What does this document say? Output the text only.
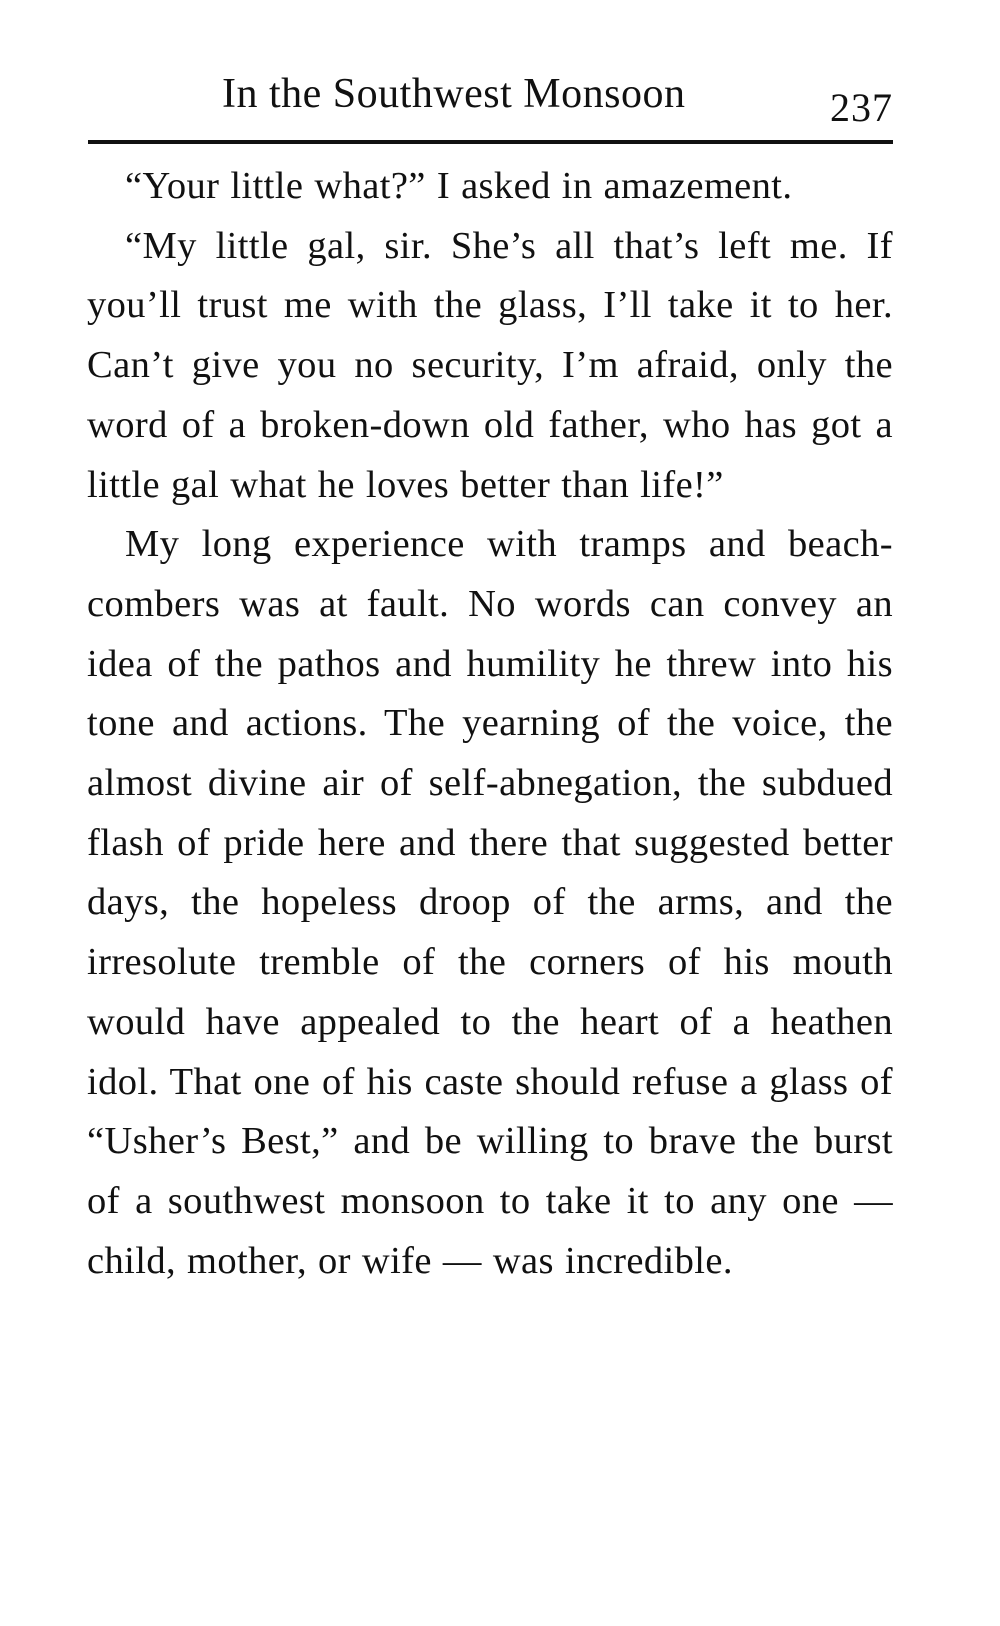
In the Southwest Monsoon	237

“Your little what?” I asked in amazement.

“My little gal, sir. She’s all that’s left me. If you’ll trust me with the glass, I’ll take it to her. Can’t give you no security, I’m afraid, only the word of a broken-down old father, who has got a little gal what he loves better than life!”

My long experience with tramps and beach-combers was at fault. No words can convey an idea of the pathos and humility he threw into his tone and actions. The yearning of the voice, the almost divine air of self-abnegation, the subdued flash of pride here and there that suggested better days, the hopeless droop of the arms, and the irresolute tremble of the corners of his mouth would have appealed to the heart of a heathen idol. That one of his caste should refuse a glass of “Usher’s Best,” and be willing to brave the burst of a southwest monsoon to take it to any one — child, mother, or wife — was incredible.
